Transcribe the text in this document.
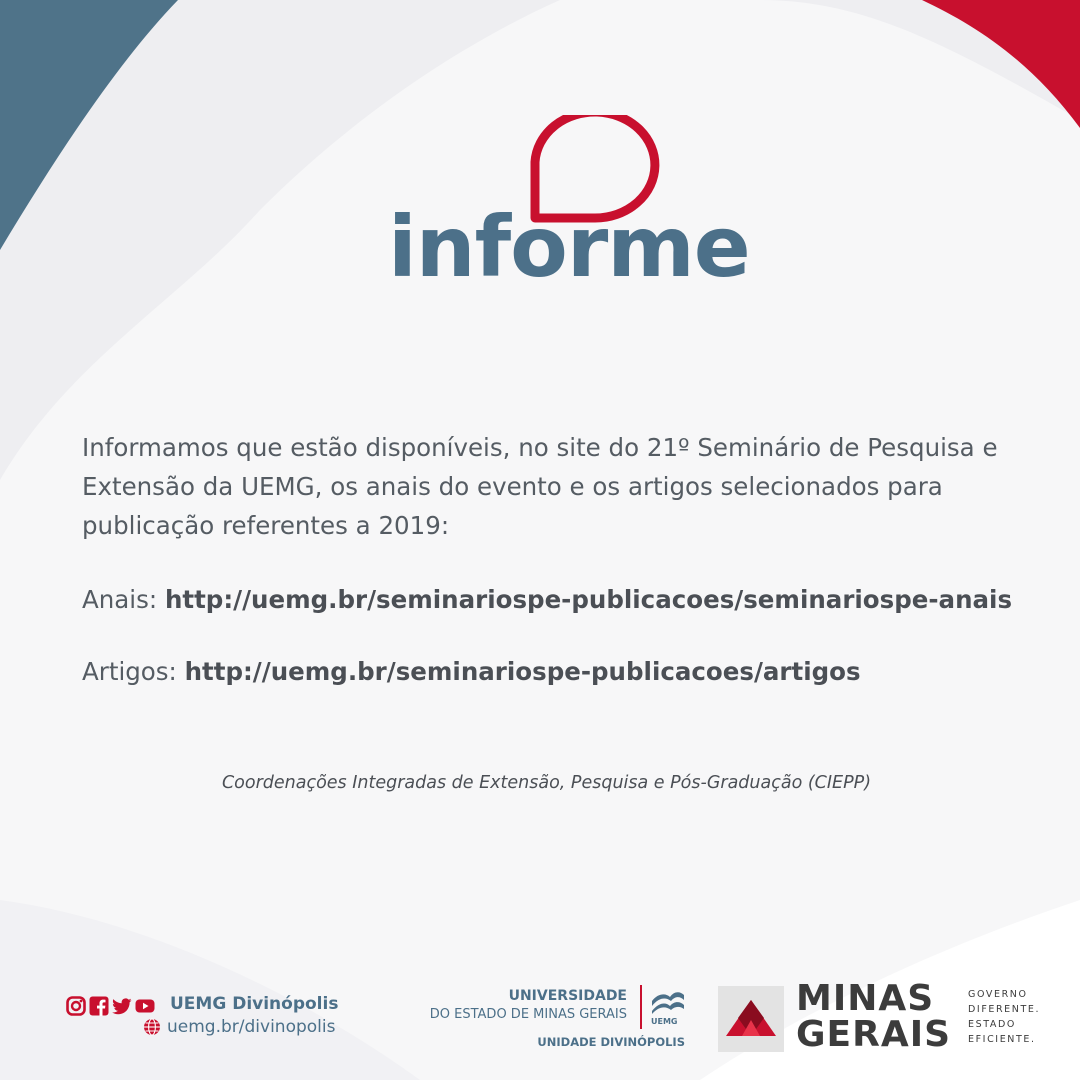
informe
Informamos que estão disponíveis, no site do 21º Seminário de Pesquisa e Extensão da UEMG, os anais do evento e os artigos selecionados para publicação referentes a 2019:
Anais: http://uemg.br/seminariospe-publicacoes/seminariospe-anais
Artigos: http://uemg.br/seminariospe-publicacoes/artigos
Coordenações Integradas de Extensão, Pesquisa e Pós-Graduação (CIEPP)
UEMG Divinópolis
uemg.br/divinopolis
UNIVERSIDADE
DO ESTADO DE MINAS GERAIS	UEMG
UNIDADE DIVINÓPOLIS
MINAS
GERAIS
GOVERNO
DIFERENTE.
ESTADO
EFICIENTE.
